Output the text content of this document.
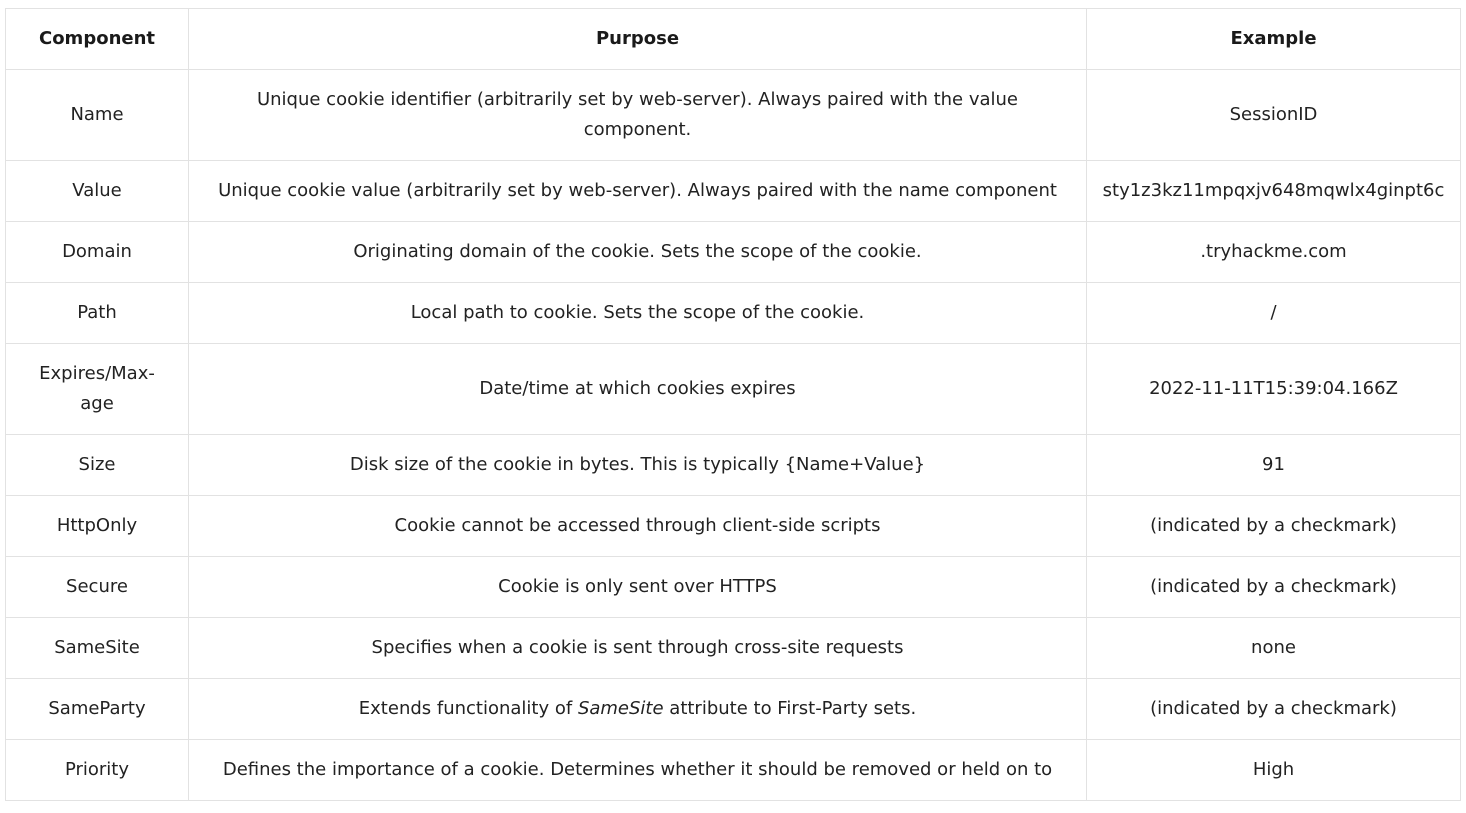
Component	Purpose	Example
Name	Unique cookie identifier (arbitrarily set by web-server). Always paired with the value component.	SessionID
Value	Unique cookie value (arbitrarily set by web-server). Always paired with the name component	sty1z3kz11mpqxjv648mqwlx4ginpt6c
Domain	Originating domain of the cookie. Sets the scope of the cookie.	.tryhackme.com
Path	Local path to cookie. Sets the scope of the cookie.	/
Expires/Max-age	Date/time at which cookies expires	2022-11-11T15:39:04.166Z
Size	Disk size of the cookie in bytes. This is typically {Name+Value}	91
HttpOnly	Cookie cannot be accessed through client-side scripts	(indicated by a checkmark)
Secure	Cookie is only sent over HTTPS	(indicated by a checkmark)
SameSite	Specifies when a cookie is sent through cross-site requests	none
SameParty	Extends functionality of SameSite attribute to First-Party sets.	(indicated by a checkmark)
Priority	Defines the importance of a cookie. Determines whether it should be removed or held on to	High
